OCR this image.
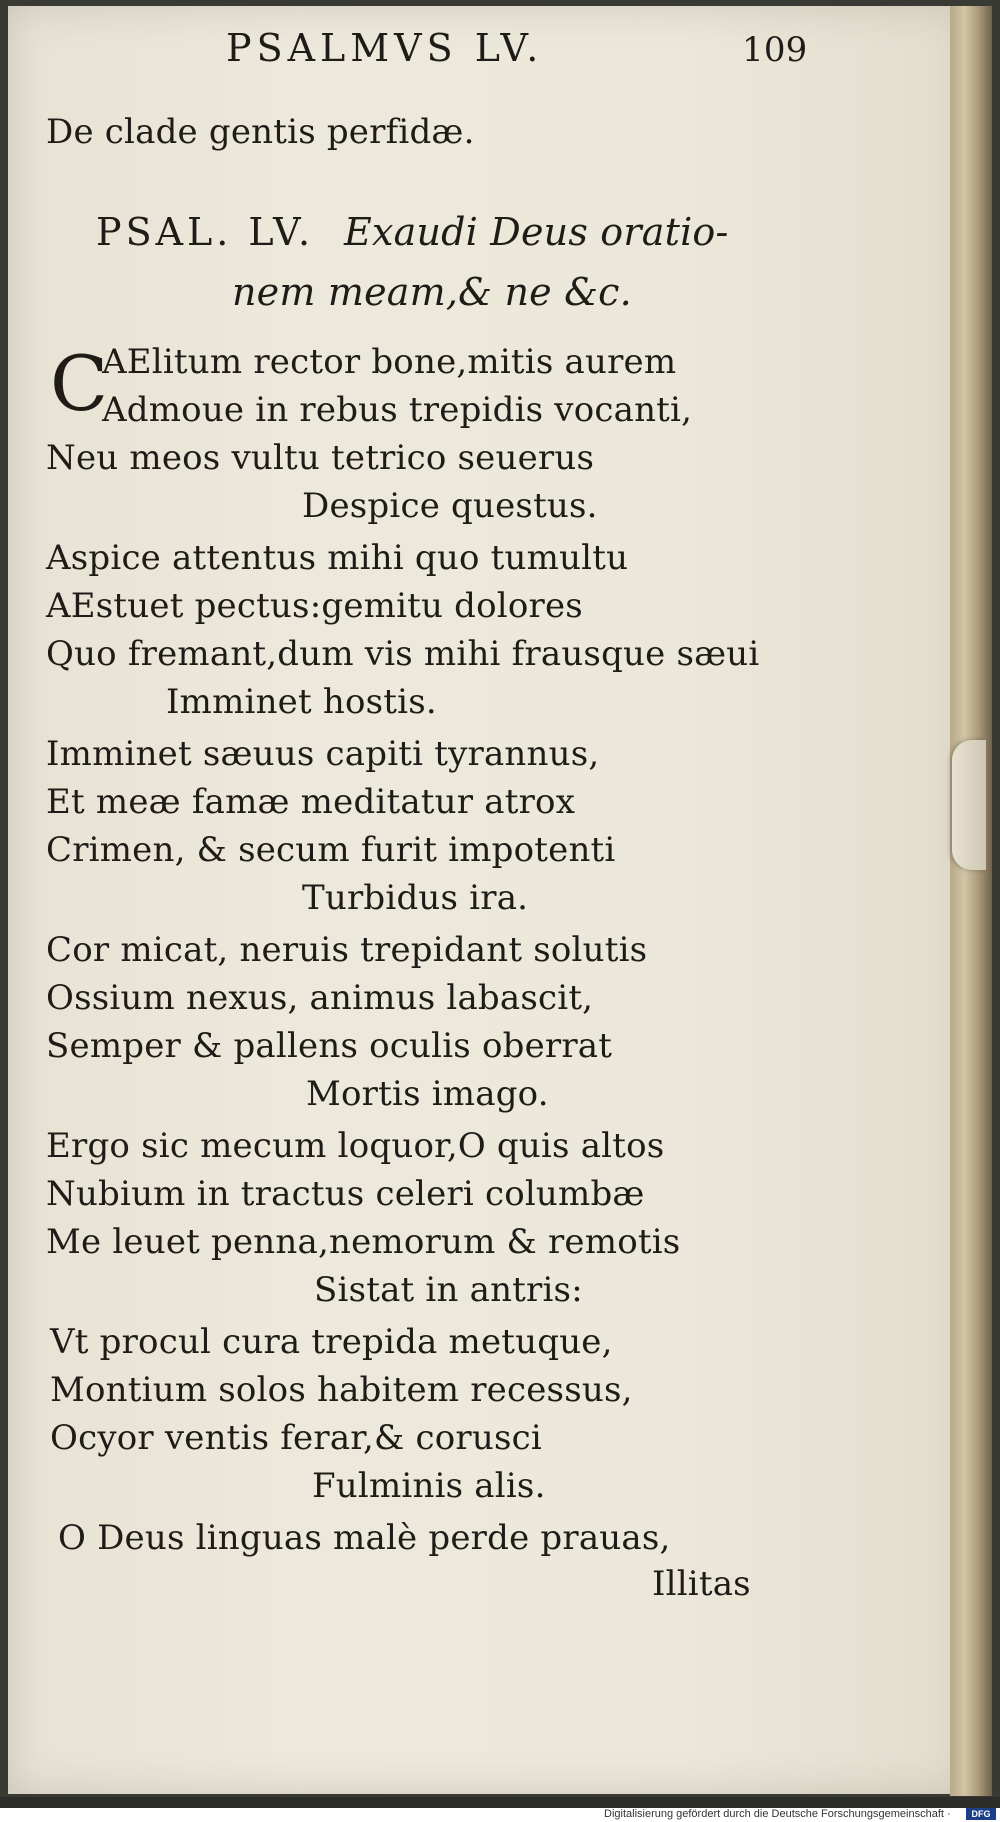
PSALMVS LV.	109
De clade gentis perfidæ.
PSAL. LV. Exaudi Deus oratio-
nem meam,& ne &c.
C
AElitum rector bone,mitis aurem
Admoue in rebus trepidis vocanti,
Neu meos vultu tetrico seuerus
Despice questus.
Aspice attentus mihi quo tumultu
AEstuet pectus:gemitu dolores
Quo fremant,dum vis mihi frausque sæui
Imminet hostis.
Imminet sæuus capiti tyrannus,
Et meæ famæ meditatur atrox
Crimen, & secum furit impotenti
Turbidus ira.
Cor micat, neruis trepidant solutis
Ossium nexus, animus labascit,
Semper & pallens oculis oberrat
Mortis imago.
Ergo sic mecum loquor,O quis altos
Nubium in tractus celeri columbæ
Me leuet penna,nemorum & remotis
Sistat in antris:
Vt procul cura trepida metuque,
Montium solos habitem recessus,
Ocyor ventis ferar,& corusci
Fulminis alis.
O Deus linguas malè perde prauas,
Illitas
Digitalisierung gefördert durch die Deutsche Forschungsgemeinschaft ·	DFG
